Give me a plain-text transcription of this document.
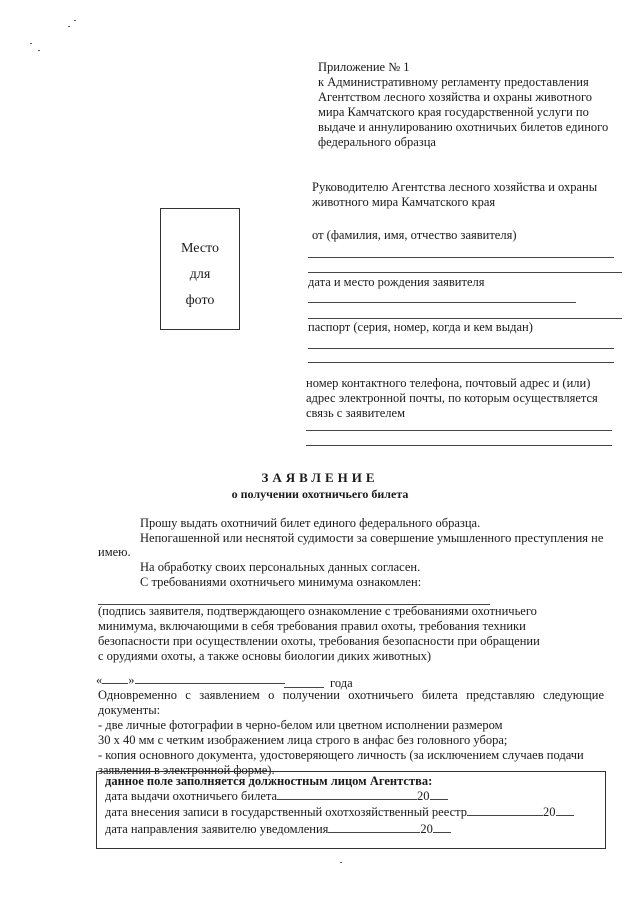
Приложение № 1
к Административному регламенту предоставления
Агентством лесного хозяйства и охраны животного
мира Камчатского края государственной услуги по
выдаче и аннулированию охотничьих билетов единого
федерального образца
Руководителю Агентства лесного хозяйства и охраны
животного мира Камчатского края
Место
для
фото
от (фамилия, имя, отчество заявителя)
дата и место рождения заявителя
паспорт (серия, номер, когда и кем выдан)
номер контактного телефона, почтовый адрес и (или)
адрес электронной почты, по которым осуществляется
связь с заявителем
ЗАЯВЛЕНИЕ
о получении охотничьего билета
Прошу выдать охотничий билет единого федерального образца.
Непогашенной или неснятой судимости за совершение умышленного преступления не
имею.
На обработку своих персональных данных согласен.
С требованиями охотничьего минимума ознакомлен:
(подпись заявителя, подтверждающего ознакомление с требованиями охотничьего
минимума, включающими в себя требования правил охоты, требования техники
безопасности при осуществлении охоты, требования безопасности при обращении
с орудиями охоты, а также основы биологии диких животных)
« »	года
Одновременно с заявлением о получении охотничьего билета представляю следующие
документы:
- две личные фотографии в черно-белом или цветном исполнении размером
30 х 40 мм с четким изображением лица строго в анфас без головного убора;
- копия основного документа, удостоверяющего личность (за исключением случаев подачи
заявления в электронной форме).
данное поле заполняется должностным лицом Агентства:
дата выдачи охотничьего билета	20
дата внесения записи в государственный охотхозяйственный реестр	20
дата направления заявителю уведомления	20
